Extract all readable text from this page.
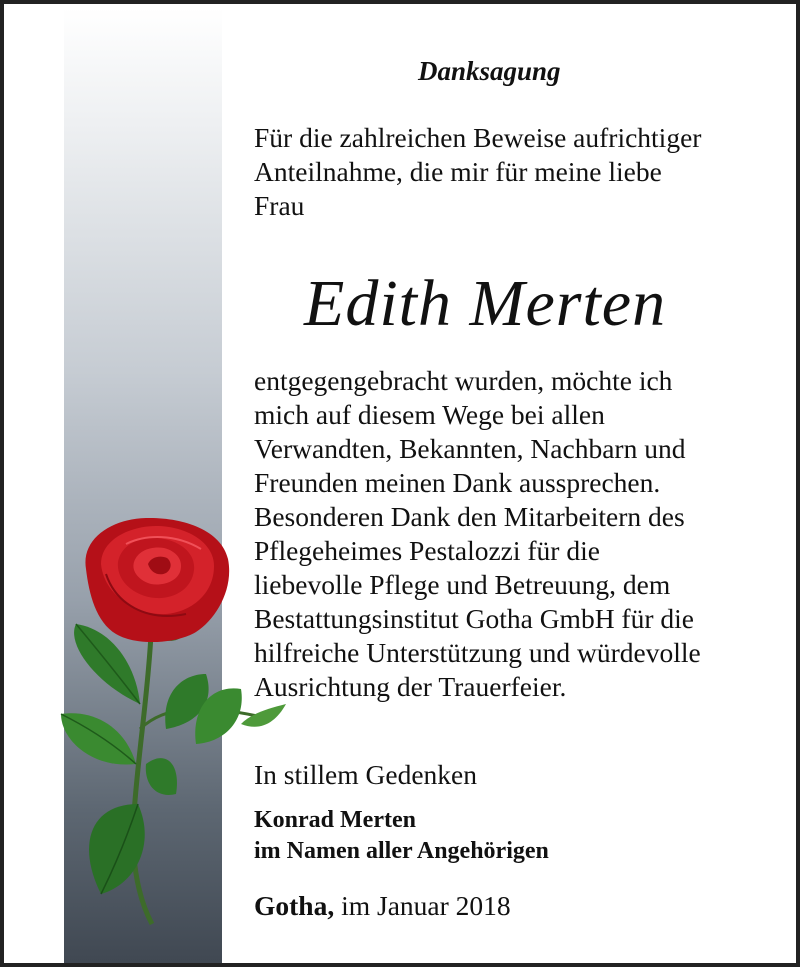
Danksagung
Für die zahlreichen Beweise aufrichtiger
Anteilnahme, die mir für meine liebe
Frau
Edith Merten
entgegengebracht wurden, möchte ich
mich auf diesem Wege bei allen
Verwandten, Bekannten, Nachbarn und
Freunden meinen Dank aussprechen.
Besonderen Dank den Mitarbeitern des
Pflegeheimes Pestalozzi für die
liebevolle Pflege und Betreuung, dem
Bestattungsinstitut Gotha GmbH für die
hilfreiche Unterstützung und würdevolle
Ausrichtung der Trauerfeier.
In stillem Gedenken
Konrad Merten
im Namen aller Angehörigen
Gotha, im Januar 2018
